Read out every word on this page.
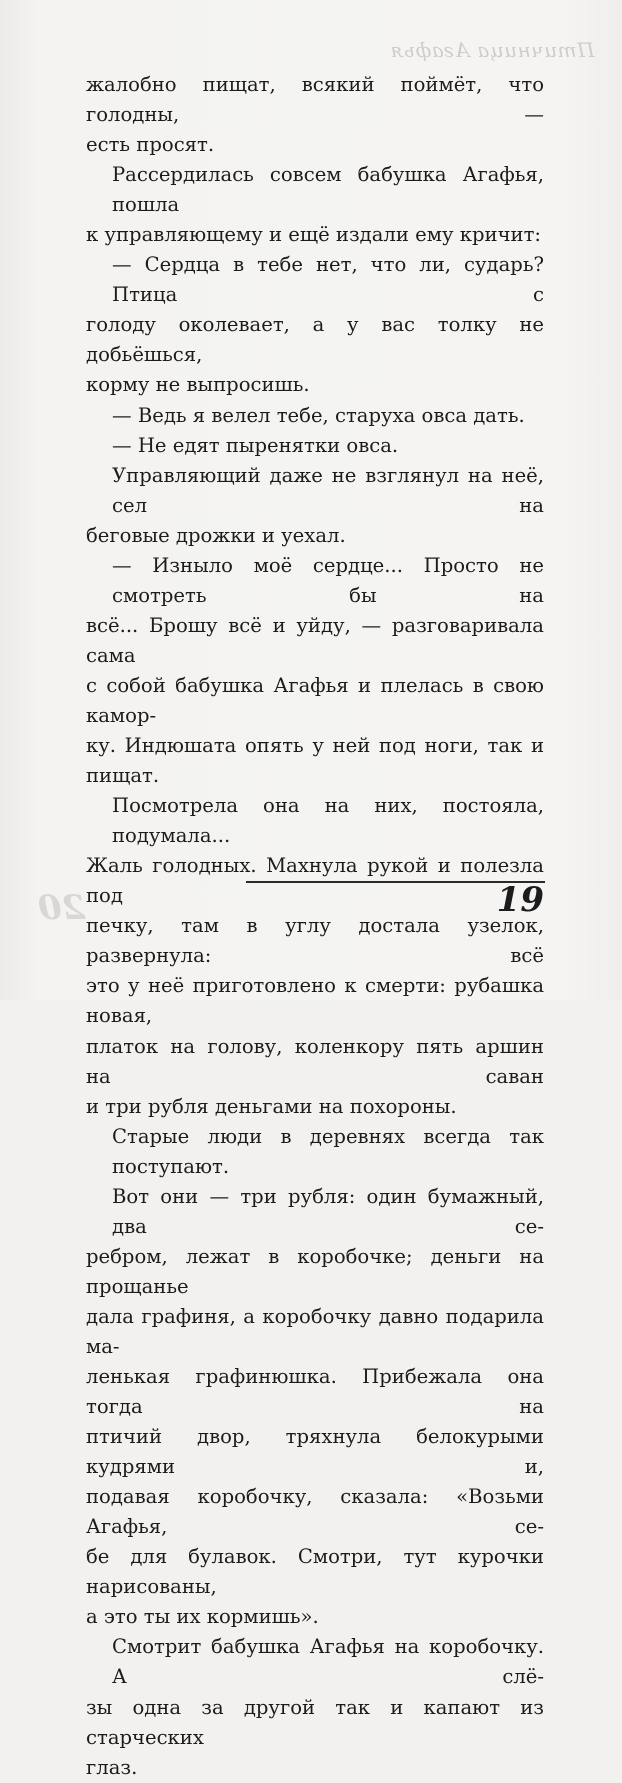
Птичница Агафья
20

жалобно пищат, всякий поймёт, что голодны, —

есть просят.

Рассердилась совсем бабушка Агафья, пошла

к управляющему и ещё издали ему кричит:

— Сердца в тебе нет, что ли, сударь? Птица с

голоду околевает, а у вас толку не добьёшься,

корму не выпросишь.

— Ведь я велел тебе, старуха овса дать.

— Не едят пыренятки овса.

Управляющий даже не взглянул на неё, сел на

беговые дрожки и уехал.

— Изныло моё сердце... Просто не смотреть бы на

всё... Брошу всё и уйду, — разговаривала сама

с собой бабушка Агафья и плелась в свою камор-

ку. Индюшата опять у ней под ноги, так и пищат.

Посмотрела она на них, постояла, подумала...

Жаль голодных. Махнула рукой и полезла под

печку, там в углу достала узелок, развернула: всё

это у неё приготовлено к смерти: рубашка новая,

платок на голову, коленкору пять аршин на саван

и три рубля деньгами на похороны.

Старые люди в деревнях всегда так поступают.

Вот они — три рубля: один бумажный, два се-

ребром, лежат в коробочке; деньги на прощанье

дала графиня, а коробочку давно подарила ма-

ленькая графинюшка. Прибежала она тогда на

птичий двор, тряхнула белокурыми кудрями и,

подавая коробочку, сказала: «Возьми Агафья, се-

бе для булавок. Смотри, тут курочки нарисованы,

а это ты их кормишь».

Смотрит бабушка Агафья на коробочку. А слё-

зы одна за другой так и капают из старческих

глаз.

19
